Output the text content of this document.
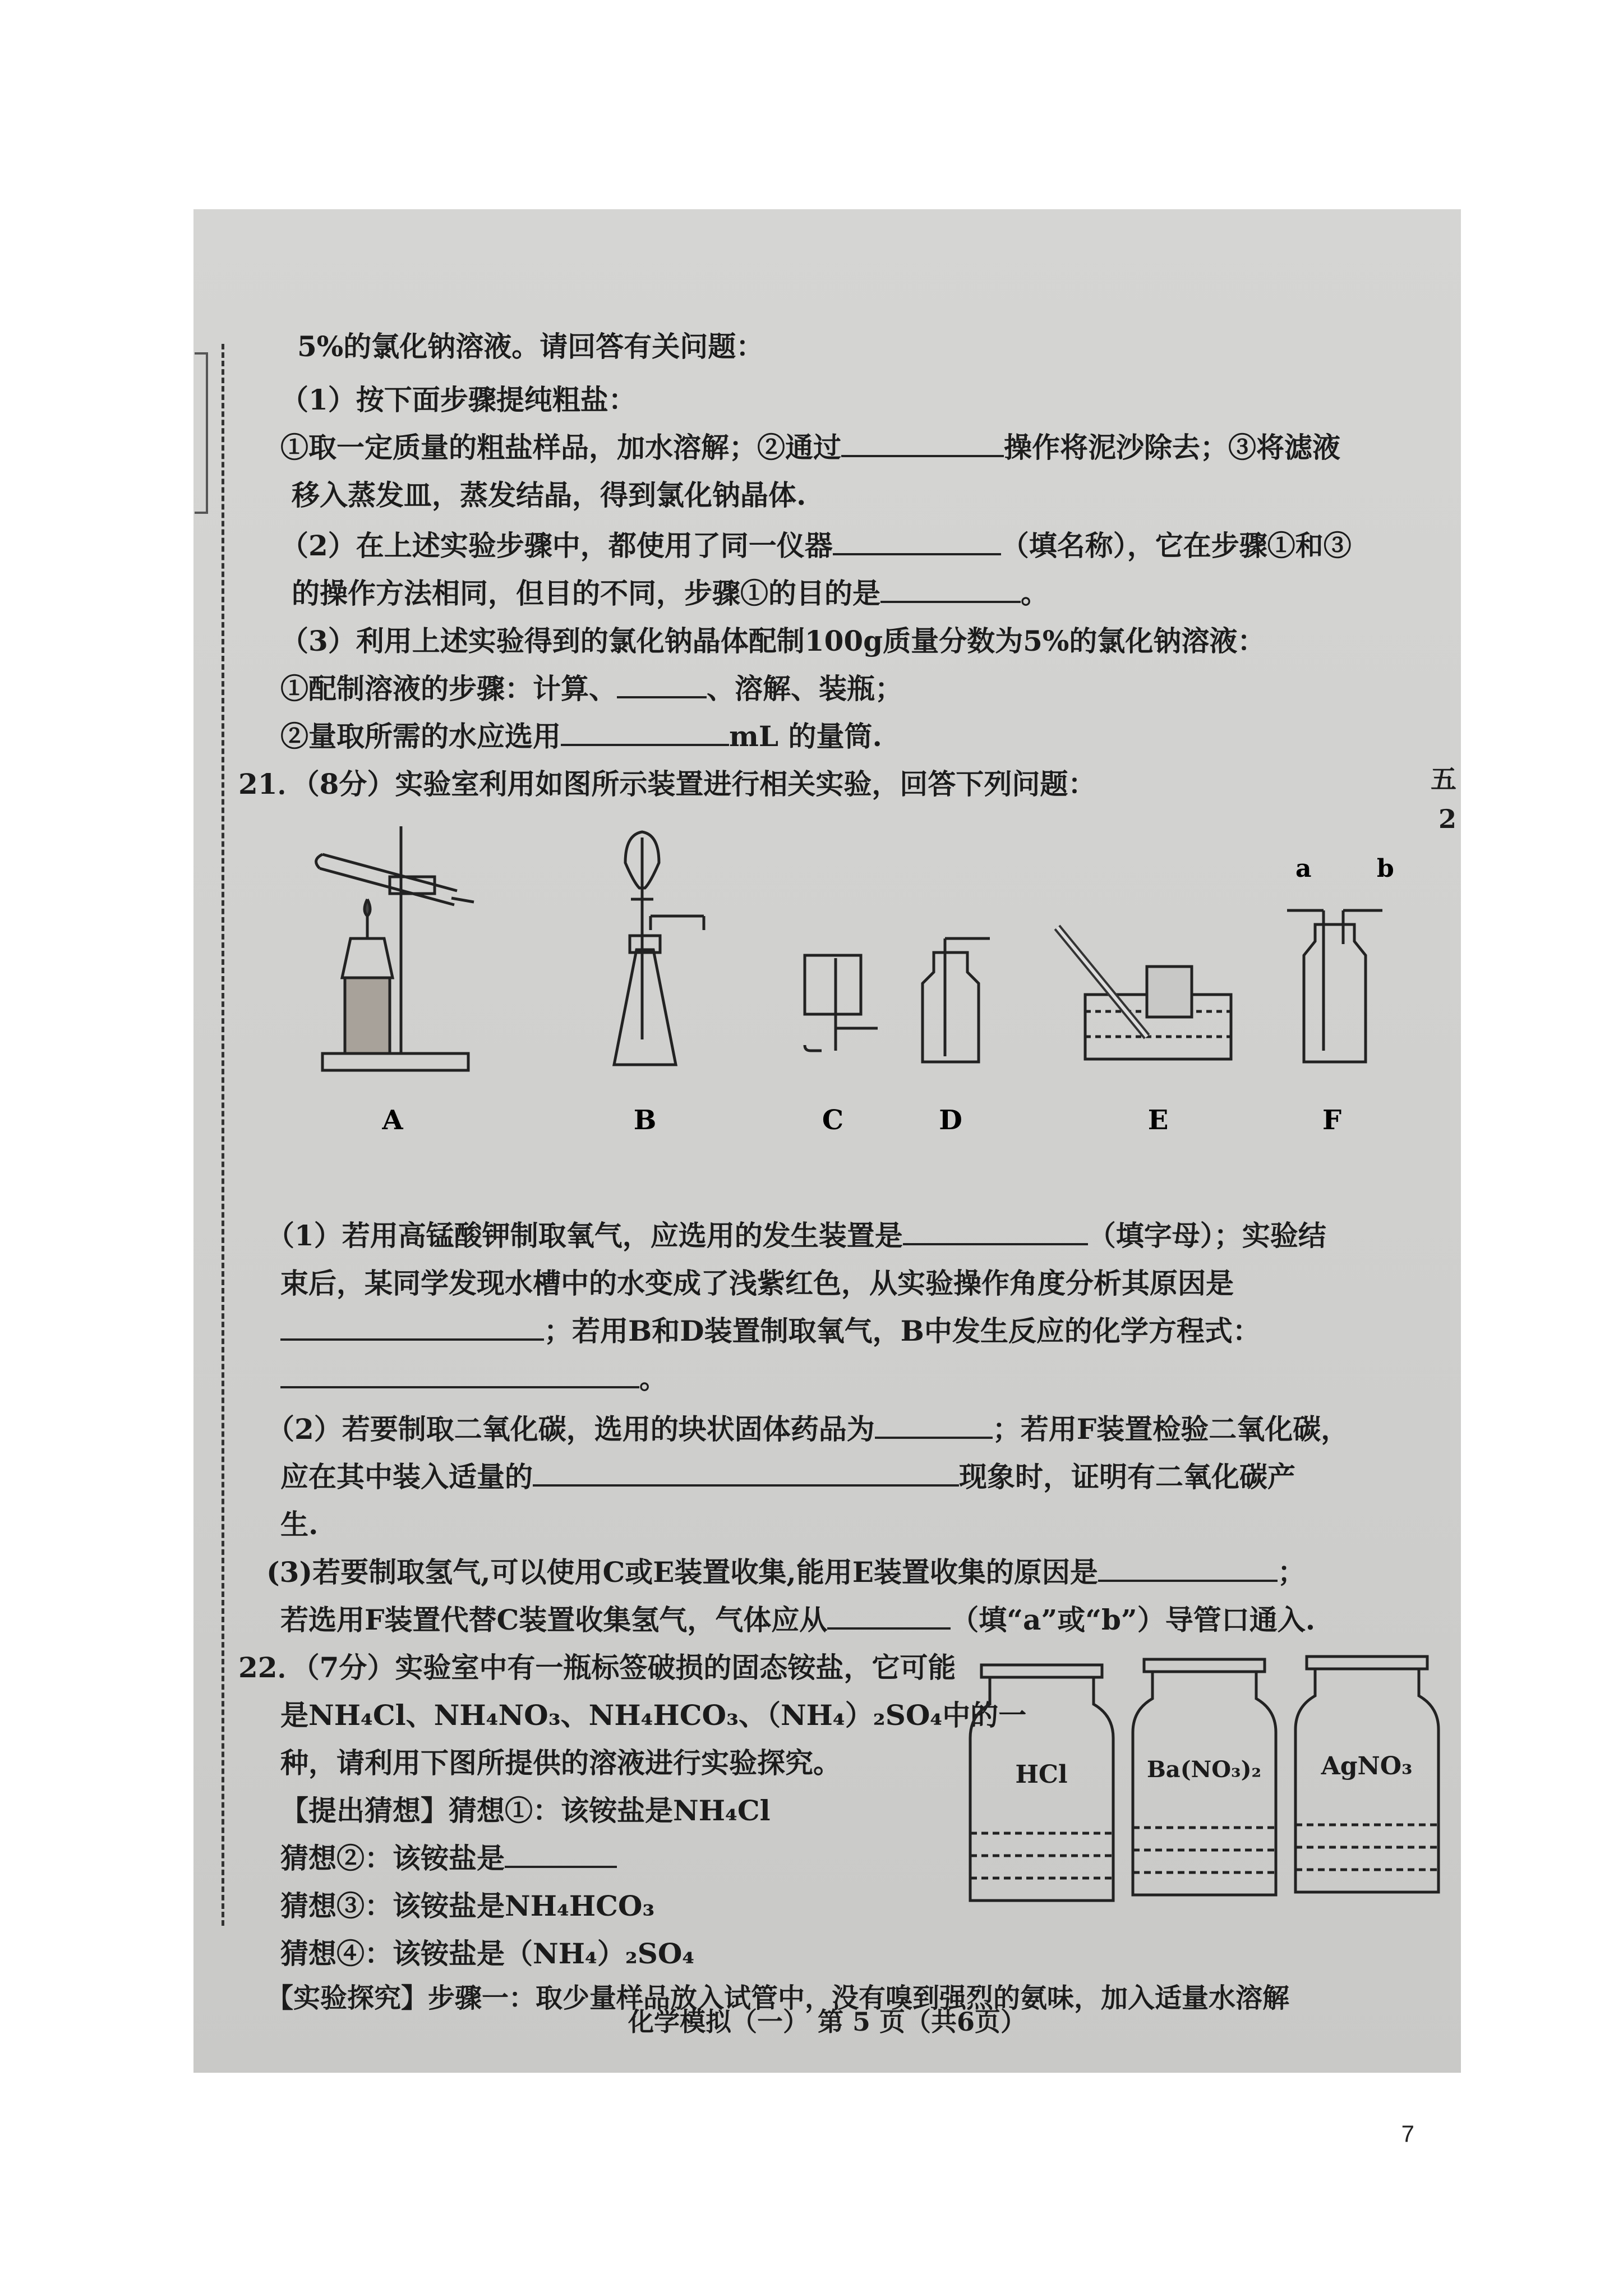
5%的氯化钠溶液。请回答有关问题：
（1）按下面步骤提纯粗盐：
①取一定质量的粗盐样品，加水溶解；②通过	操作将泥沙除去；③将滤液
移入蒸发皿，蒸发结晶，得到氯化钠晶体.
（2）在上述实验步骤中，都使用了同一仪器	（填名称），它在步骤①和③
的操作方法相同，但目的不同，步骤①的目的是	。
（3）利用上述实验得到的氯化钠晶体配制100g质量分数为5%的氯化钠溶液：
①配制溶液的步骤：计算、	、溶解、装瓶；
②量取所需的水应选用	mL 的量筒.
21．（8分）实验室利用如图所示装置进行相关实验，回答下列问题：
a	b
A	B	C	D	E	F
（1）若用高锰酸钾制取氧气，应选用的发生装置是	（填字母）；实验结
束后，某同学发现水槽中的水变成了浅紫红色，从实验操作角度分析其原因是
；若用B和D装置制取氧气，B中发生反应的化学方程式：
。
（2）若要制取二氧化碳，选用的块状固体药品为	；若用F装置检验二氧化碳，
应在其中装入适量的	现象时，证明有二氧化碳产
生.
(3)若要制取氢气,可以使用C或E装置收集,能用E装置收集的原因是	；
若选用F装置代替C装置收集氢气，气体应从	（填“a”或“b”）导管口通入.
22．（7分）实验室中有一瓶标签破损的固态铵盐，它可能
是NH₄Cl、NH₄NO₃、NH₄HCO₃、（NH₄）₂SO₄中的一
种，请利用下图所提供的溶液进行实验探究。
【提出猜想】猜想①：该铵盐是NH₄Cl
猜想②：该铵盐是
猜想③：该铵盐是NH₄HCO₃
猜想④：该铵盐是（NH₄）₂SO₄
【实验探究】步骤一：取少量样品放入试管中，没有嗅到强烈的氨味，加入适量水溶解
HCl	Ba(NO₃)₂ AgNO₃
五
2
化学模拟（一） 第 5 页（共6页）
7
